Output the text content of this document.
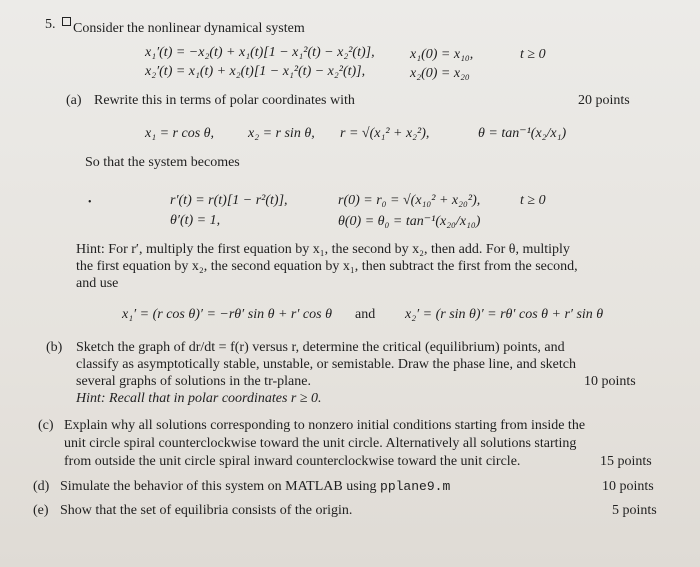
5.	Consider the nonlinear dynamical system
x₁′(t) = −x₂(t) + x₁(t)[1 − x₁²(t) − x₂²(t)],
x₂′(t) = x₁(t) + x₂(t)[1 − x₁²(t) − x₂²(t)],
x₁(0) = x₁₀,
x₂(0) = x₂₀
t ≥ 0
(a) Rewrite this in terms of polar coordinates with	20 points
x₁ = r cos θ, x₂ = r sin θ, r = √(x₁² + x₂²),	θ = tan⁻¹(x₂/x₁)
So that the system becomes
•	r′(t) = r(t)[1 − r²(t)],
θ′(t) = 1,
r(0) = r₀ = √(x₁₀² + x₂₀²),
θ(0) = θ₀ = tan⁻¹(x₂₀/x₁₀)
t ≥ 0
Hint: For r′, multiply the first equation by x₁, the second by x₂, then add. For θ, multiply
the first equation by x₂, the second equation by x₁, then subtract the first from the second,
and use
x₁′ = (r cos θ)′ = −rθ′ sin θ + r′ cos θ and x₂′ = (r sin θ)′ = rθ′ cos θ + r′ sin θ
(b) Sketch the graph of dr/dt = f(r) versus r, determine the critical (equilibrium) points, and
classify as asymptotically stable, unstable, or semistable. Draw the phase line, and sketch
several graphs of solutions in the tr-plane.	10 points
Hint: Recall that in polar coordinates r ≥ 0.
(c) Explain why all solutions corresponding to nonzero initial conditions starting from inside the
unit circle spiral counterclockwise toward the unit circle. Alternatively all solutions starting
from outside the unit circle spiral inward counterclockwise toward the unit circle.	15 points
(d) Simulate the behavior of this system on MATLAB using pplane9.m	10 points
(e) Show that the set of equilibria consists of the origin.	5 points
